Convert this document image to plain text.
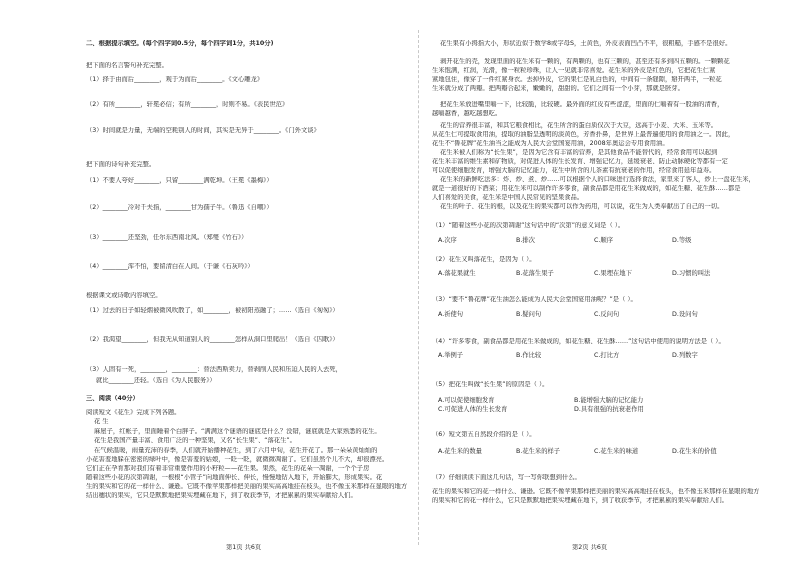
二、根据提示填空。(每个四字词0.5分，每个四字词1分，共10分)
把下面的名言警句补充完整。
（1）择于由而后________，观于为而后________。《文心雕龙》
（2）有所________，轩冕必信；有所________，时则不易。《表民世范》
（3）时间就是力量，无端的空耗别人的时间，其实是无异于________。《门外文谈》
把下面的诗句补充完整。
（1）不要人夸好________，只留________满乾坤。（王冕《墨梅》）
（2）________冷对千夫指，________甘为孺子牛。（鲁迅《自嘲》）
（3）________还坚劲，任尔东西南北风。（郑燮《竹石》）
（4）________浑不怕，要留清白在人间。（于谦《石灰吟》）
根据课文或诗歌内容填空。
（1）过去的日子如轻烟被微风吹散了，如________，被初阳蒸融了；……（选自《匆匆》）
（2）我渴望________，但我无从知道别人的________怎样从洞口里爬出！（选自《囚歌》）
（3）人固有一死，________，________：替法西斯卖力，替剥削人民和压迫人民的人去死，
就比________还轻。（选自《为人民服务》）
三、阅读（40分）
阅读短文《花生》完成下列各题。
花 生
麻屋子，红帐子，里面睡着个白胖子。“满满这个谜语的谜底是什么？没错，谜底就是大家熟悉的花生。
花生是我国产量丰富、食用广泛的一种坚果，又名“长生果”、“落花生”。
在气候温暖，雨量充沛的春季，人们就开始播种花生，到了六月中旬，花生开花了。那一朵朵黄灿灿的
小花害羞地躲在密密的绿叶中，像是害羞的姑娘，一眨一眨，就微微凋谢了。它们虽然个儿不大，却很漂亮。
它们正在孕育那对我们有着非常重要作用的小籽粒——花生果。果然，花生的花朵一凋谢，一个个子房
随着这些小花的次第凋谢，一根根“小管子”向地面伸长、伸长，慢慢地钻入地下，开始膨大，形成果实。花
生的果实和它的花一样什么、谦逊。它既不像苹果那样把美丽的果实高高地挂在枝头，也不像玉米那样在显眼的地方
结出穗状的果实，它只是默默地把果实埋藏在地下，到了收获季节，才把累累的果实奉献给人们。
第1页 共6页
花生果有小拇指大小，形状近似于数学8或字母S，土黄色，外皮表面凹凸不平，很粗糙，手感不是很好。
剥开花生的壳，发现里面的花生米有一颗的，有两颗的，也有三颗的，甚至还有多到四五颗的。一颗颗花
生米饱满，红润，光滑，像一粒粒珍珠，让人一见就非常喜爱。花生米的外皮是红色的，它把花生仁紧
紧地包住，像穿了一件红紧身衣。去掉外皮，它的果仁是乳白色的，中间有一条缝隙，掰开两半，一粒花
生米就分成了两瓣。把两瓣合起来，嫩嫩的，甜甜的。它们之间有一个小芽，那就是胚芽。
把花生米放进嘴里嚼一下，比较脆，比较硬。最外面的红皮有些涩涩，里面的仁嚼着有一股油的清香，
越嚼越香，越吃越想吃。
花生的营养很丰富，和其它粮食相比，花生所含的蛋白质仅次于大豆，远高于小麦、大米、玉米等。
从花生仁可提取食用油，提取的油脂呈透明的淡黄色，芳香扑鼻，是世界上最普遍使用的食用油之一。因此，
花生不“鲁花牌”花生油当之能成为人民大会堂国宴用油，2008年奥运会专用食用油。
花生米被人们称为“长生果”，是因为它含有丰富的营养，是其他食品不能替代的，经常食用可以起到
花生米丰富的维生素和矿物质，对促进人体的生长发育、增强记忆力，延缓衰老、防止动脉硬化等都有一定
可以促使细胞发育，增强大脑的记忆能力，花生中所含的儿茶素有抗衰老的作用，经常食用延年益寿。
花生米的新鲜吃法多：炸、炒、煮、炒……可以根据个人的口味进行选择食法，家里来了客人，炒上一盘花生米，
就是一道很好的下酒菜；用花生米可以制作许多零食，副食品都是用花生米做成的，如花生糖、花生酥……都是
人们喜爱的美食，花生米是中国人民常见的坚果食品。
花生的叶子、花生的根，以及花生的果实都可以作为药用，可以说，花生为人类奉献出了自己的一切。
（1）“随着这些小花的次第凋谢”这句话中的“次第”的意义词是（ ）。
A.次序	B.排次	C.顺序	D.等级
（2）花生又叫落花生，是因为（ ）。
A.落花果就生	B.花落生果子	C.果埋在地下	D.习惯的叫法
（3）“要不“鲁花牌”花生油怎么能成为人民大会堂国宴用油呢？”是（ ）。
A.祈使句	B.疑问句	C.反问句	D.设问句
（4）“许多零食，副食品都是用花生米做成的，如花生糖、花生酥……”这句话中使用的说明方法是（ ）。
A.举例子	B.作比较	C.打比方	D.列数字
（5）把花生叫做“长生果”的原因是（ ）。
A.可以促使细胞发育	B.能增强大脑的记忆能力
C.可促进人体的生长发育	D.具有很强的抗衰老作用
（6）短文第五自然段介绍的是（ ）。
A.花生米的数量	B.花生米的样子	C.花生米的味道	D.花生米的价值
（7）仔细读读下面这几句话，写一写你联想到什么。
花生的果实和它的花一样什么、谦逊。它既不像苹果那样把美丽的果实高高地挂在枝头，也不像玉米那样在显眼的地方
的果实和它的花一样什么，它只是默默地把果实埋藏在地下，到了收获季节，才把累累的果实奉献给人们。
第2页 共6页
